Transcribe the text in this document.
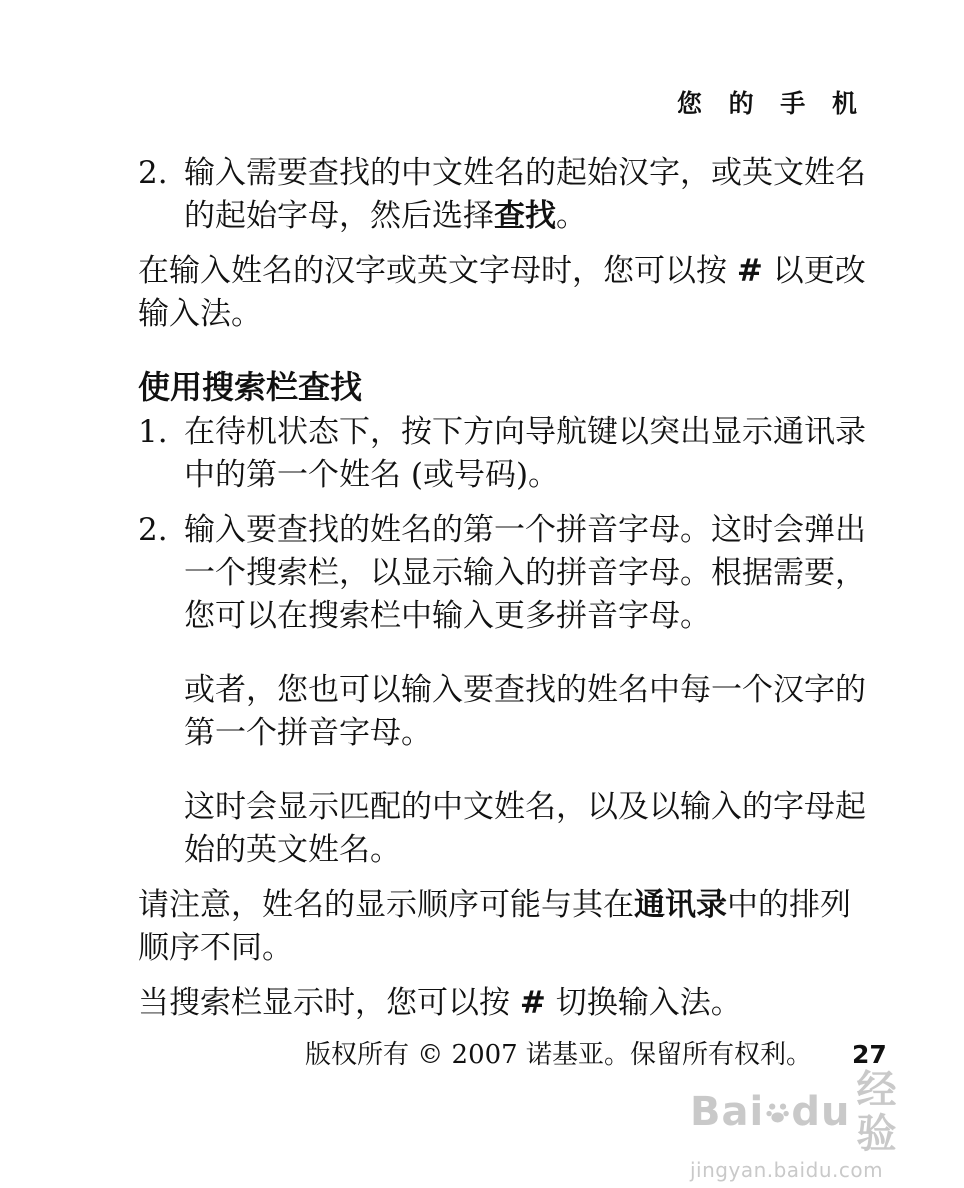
您 的 手 机
2. 输入需要查找的中文姓名的起始汉字，或英文姓名的起始字母，然后选择查找。

在输入姓名的汉字或英文字母时，您可以按 # 以更改输入法。

使用搜索栏查找
1. 在待机状态下，按下方向导航键以突出显示通讯录中的第一个姓名 (或号码)。
2. 输入要查找的姓名的第一个拼音字母。这时会弹出一个搜索栏，以显示输入的拼音字母。根据需要，您可以在搜索栏中输入更多拼音字母。

或者，您也可以输入要查找的姓名中每一个汉字的第一个拼音字母。

这时会显示匹配的中文姓名，以及以输入的字母起始的英文姓名。

请注意，姓名的显示顺序可能与其在通讯录中的排列顺序不同。

当搜索栏显示时，您可以按 # 切换输入法。

版权所有 © 2007 诺基亚。保留所有权利。 27
Bai du 经验
jingyan.baidu.com
